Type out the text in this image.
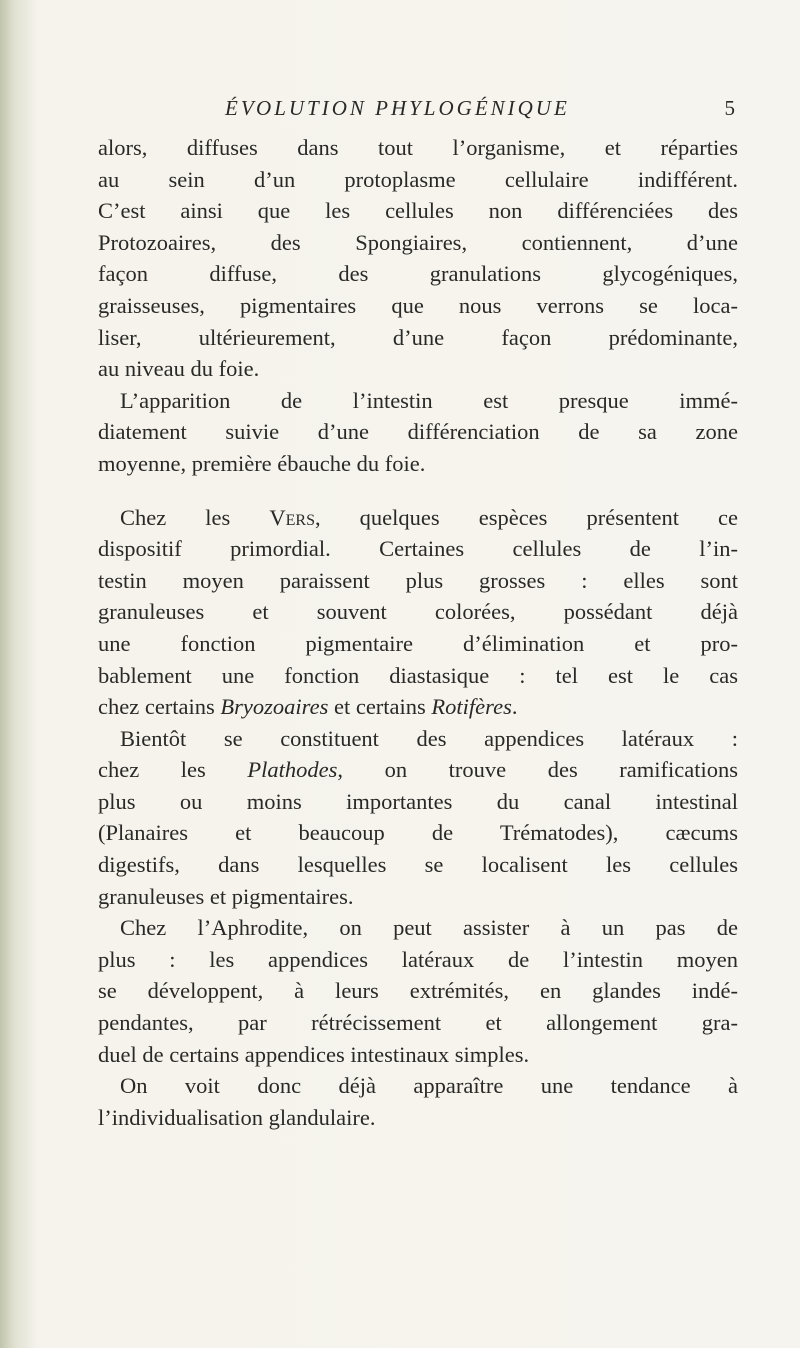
ÉVOLUTION PHYLOGÉNIQUE	5
alors, diffuses dans tout l’organisme, et réparties
au sein d’un protoplasme cellulaire indifférent.
C’est ainsi que les cellules non différenciées des
Protozoaires, des Spongiaires, contiennent, d’une
façon diffuse, des granulations glycogéniques,
graisseuses, pigmentaires que nous verrons se loca-
liser, ultérieurement, d’une façon prédominante,
au niveau du foie.
L’apparition de l’intestin est presque immé-
diatement suivie d’une différenciation de sa zone
moyenne, première ébauche du foie.
Chez les Vers, quelques espèces présentent ce
dispositif primordial. Certaines cellules de l’in-
testin moyen paraissent plus grosses : elles sont
granuleuses et souvent colorées, possédant déjà
une fonction pigmentaire d’élimination et pro-
bablement une fonction diastasique : tel est le cas
chez certains Bryozoaires et certains Rotifères.
Bientôt se constituent des appendices latéraux :
chez les Plathodes, on trouve des ramifications
plus ou moins importantes du canal intestinal
(Planaires et beaucoup de Trématodes), cæcums
digestifs, dans lesquelles se localisent les cellules
granuleuses et pigmentaires.
Chez l’Aphrodite, on peut assister à un pas de
plus : les appendices latéraux de l’intestin moyen
se développent, à leurs extrémités, en glandes indé-
pendantes, par rétrécissement et allongement gra-
duel de certains appendices intestinaux simples.
On voit donc déjà apparaître une tendance à
l’individualisation glandulaire.
